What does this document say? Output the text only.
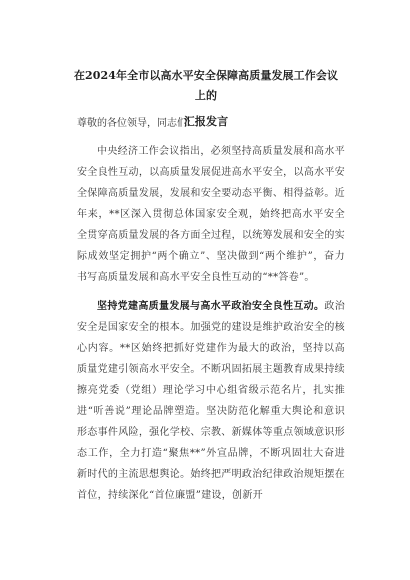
在2024年全市以高水平安全保障高质量发展工作会议上的
汇报发言
尊敬的各位领导，同志们：
中央经济工作会议指出，必须坚持高质量发展和高水平安全良性互动，以高质量发展促进高水平安全，以高水平安全保障高质量发展，发展和安全要动态平衡、相得益彰。近年来，**区深入贯彻总体国家安全观，始终把高水平安全全贯穿高质量发展的各方面全过程，以统筹发展和安全的实际成效坚定拥护“两个确立”、坚决做到“两个维护”，奋力书写高质量发展和高水平安全良性互动的“**答卷”。
坚持党建高质量发展与高水平政治安全良性互动。政治安全是国家安全的根本。加强党的建设是维护政治安全的核心内容。**区始终把抓好党建作为最大的政治，坚持以高质量党建引领高水平安全。不断巩固拓展主题教育成果持续擦亮党委（党组）理论学习中心组省级示范名片，扎实推进“听善说”理论品牌塑造。坚决防范化解重大舆论和意识形态事件风险，强化学校、宗教、新媒体等重点领域意识形态工作，全力打造“聚焦**”外宣品牌，不断巩固壮大奋进新时代的主流思想舆论。始终把严明政治纪律政治规矩摆在首位，持续深化“首位廉盟”建设，创新开
